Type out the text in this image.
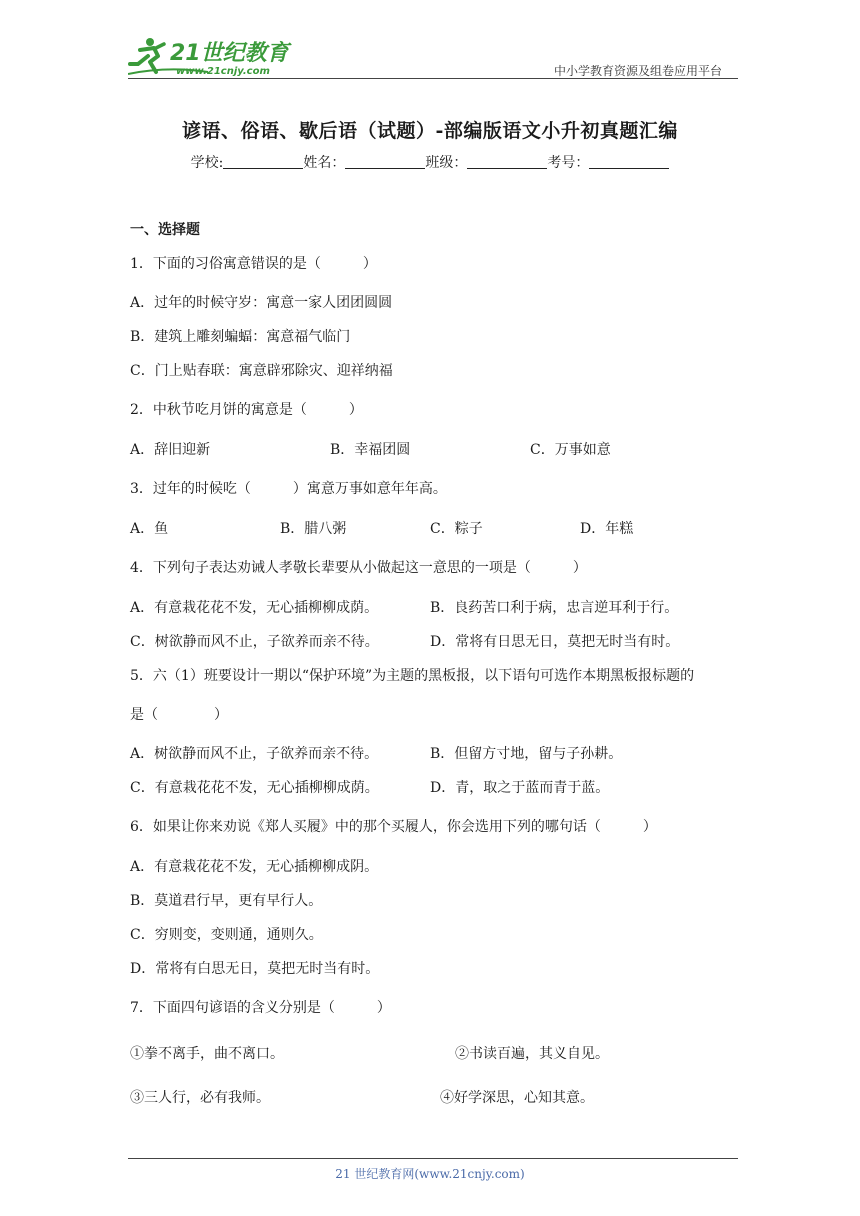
21世纪教育
www.21cnjy.com	中小学教育资源及组卷应用平台
谚语、俗语、歇后语（试题）-部编版语文小升初真题汇编
学校:	姓名：	班级：	考号：
一、选择题
1．下面的习俗寓意错误的是（　　　）
A．过年的时候守岁：寓意一家人团团圆圆
B．建筑上雕刻蝙蝠：寓意福气临门
C．门上贴春联：寓意辟邪除灾、迎祥纳福
2．中秋节吃月饼的寓意是（　　　）
A．辞旧迎新	B．幸福团圆	C．万事如意
3．过年的时候吃（　　　）寓意万事如意年年高。
A．鱼	B．腊八粥	C．粽子	D．年糕
4．下列句子表达劝诫人孝敬长辈要从小做起这一意思的一项是（　　　）
A．有意栽花花不发，无心插柳柳成荫。	B．良药苦口利于病，忠言逆耳利于行。
C．树欲静而风不止，子欲养而亲不待。	D．常将有日思无日，莫把无时当有时。
5．六（1）班要设计一期以“保护环境”为主题的黑板报，以下语句可选作本期黑板报标题的
是（　　　　）
A．树欲静而风不止，子欲养而亲不待。	B．但留方寸地，留与子孙耕。
C．有意栽花花不发，无心插柳柳成荫。	D．青，取之于蓝而青于蓝。
6．如果让你来劝说《郑人买履》中的那个买履人，你会选用下列的哪句话（　　　）
A．有意栽花花不发，无心插柳柳成阴。
B．莫道君行早，更有早行人。
C．穷则变，变则通，通则久。
D．常将有白思无日，莫把无时当有时。
7．下面四句谚语的含义分别是（　　　）
①拳不离手，曲不离口。	②书读百遍，其义自见。
③三人行，必有我师。	④好学深思，心知其意。
21 世纪教育网(www.21cnjy.com)
